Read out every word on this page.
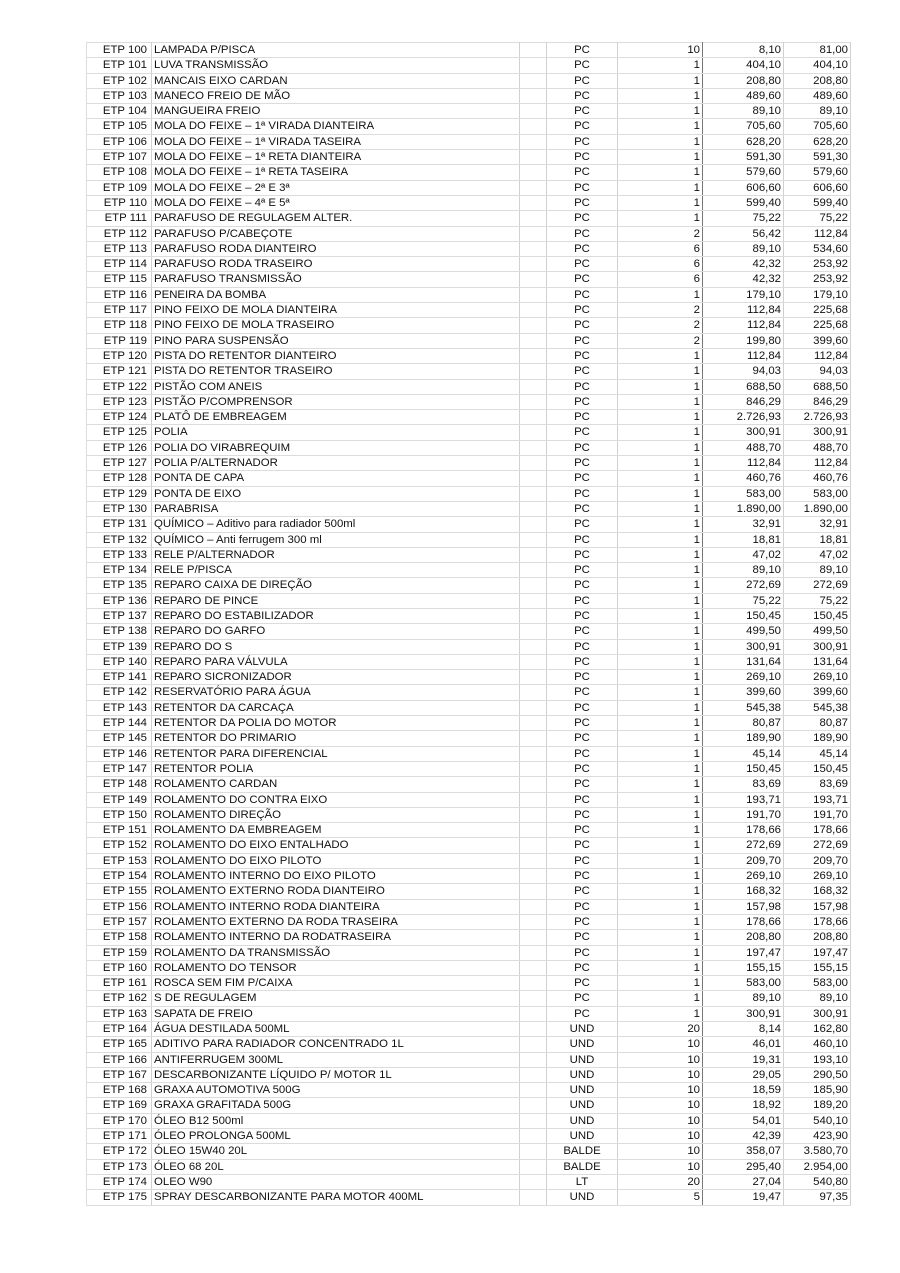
ETP 100	LAMPADA P/PISCA		PC	10	8,10	81,00
ETP 101	LUVA TRANSMISSÃO		PC	1	404,10	404,10
ETP 102	MANCAIS EIXO CARDAN		PC	1	208,80	208,80
ETP 103	MANECO FREIO DE MÃO		PC	1	489,60	489,60
ETP 104	MANGUEIRA FREIO		PC	1	89,10	89,10
ETP 105	MOLA DO FEIXE – 1ª VIRADA DIANTEIRA		PC	1	705,60	705,60
ETP 106	MOLA DO FEIXE – 1ª VIRADA TASEIRA		PC	1	628,20	628,20
ETP 107	MOLA DO FEIXE – 1ª RETA DIANTEIRA		PC	1	591,30	591,30
ETP 108	MOLA DO FEIXE – 1ª RETA TASEIRA		PC	1	579,60	579,60
ETP 109	MOLA DO FEIXE – 2ª E 3ª		PC	1	606,60	606,60
ETP 110	MOLA DO FEIXE – 4ª E 5ª		PC	1	599,40	599,40
ETP 111	PARAFUSO DE REGULAGEM ALTER.		PC	1	75,22	75,22
ETP 112	PARAFUSO P/CABEÇOTE		PC	2	56,42	112,84
ETP 113	PARAFUSO RODA DIANTEIRO		PC	6	89,10	534,60
ETP 114	PARAFUSO RODA TRASEIRO		PC	6	42,32	253,92
ETP 115	PARAFUSO TRANSMISSÃO		PC	6	42,32	253,92
ETP 116	PENEIRA DA BOMBA		PC	1	179,10	179,10
ETP 117	PINO FEIXO DE MOLA DIANTEIRA		PC	2	112,84	225,68
ETP 118	PINO FEIXO DE MOLA TRASEIRO		PC	2	112,84	225,68
ETP 119	PINO PARA SUSPENSÃO		PC	2	199,80	399,60
ETP 120	PISTA DO RETENTOR DIANTEIRO		PC	1	112,84	112,84
ETP 121	PISTA DO RETENTOR TRASEIRO		PC	1	94,03	94,03
ETP 122	PISTÃO COM ANEIS		PC	1	688,50	688,50
ETP 123	PISTÃO P/COMPRENSOR		PC	1	846,29	846,29
ETP 124	PLATÔ DE EMBREAGEM		PC	1	2.726,93	2.726,93
ETP 125	POLIA		PC	1	300,91	300,91
ETP 126	POLIA DO VIRABREQUIM		PC	1	488,70	488,70
ETP 127	POLIA P/ALTERNADOR		PC	1	112,84	112,84
ETP 128	PONTA DE CAPA		PC	1	460,76	460,76
ETP 129	PONTA DE EIXO		PC	1	583,00	583,00
ETP 130	PARABRISA		PC	1	1.890,00	1.890,00
ETP 131	QUÍMICO – Aditivo para radiador 500ml		PC	1	32,91	32,91
ETP 132	QUÍMICO – Anti ferrugem 300 ml		PC	1	18,81	18,81
ETP 133	RELE P/ALTERNADOR		PC	1	47,02	47,02
ETP 134	RELE P/PISCA		PC	1	89,10	89,10
ETP 135	REPARO CAIXA DE DIREÇÃO		PC	1	272,69	272,69
ETP 136	REPARO DE PINCE		PC	1	75,22	75,22
ETP 137	REPARO DO ESTABILIZADOR		PC	1	150,45	150,45
ETP 138	REPARO DO GARFO		PC	1	499,50	499,50
ETP 139	REPARO DO S		PC	1	300,91	300,91
ETP 140	REPARO PARA VÁLVULA		PC	1	131,64	131,64
ETP 141	REPARO SICRONIZADOR		PC	1	269,10	269,10
ETP 142	RESERVATÓRIO PARA ÁGUA		PC	1	399,60	399,60
ETP 143	RETENTOR DA CARCAÇA		PC	1	545,38	545,38
ETP 144	RETENTOR DA POLIA DO MOTOR		PC	1	80,87	80,87
ETP 145	RETENTOR DO PRIMARIO		PC	1	189,90	189,90
ETP 146	RETENTOR PARA DIFERENCIAL		PC	1	45,14	45,14
ETP 147	RETENTOR POLIA		PC	1	150,45	150,45
ETP 148	ROLAMENTO CARDAN		PC	1	83,69	83,69
ETP 149	ROLAMENTO DO CONTRA EIXO		PC	1	193,71	193,71
ETP 150	ROLAMENTO DIREÇÃO		PC	1	191,70	191,70
ETP 151	ROLAMENTO DA EMBREAGEM		PC	1	178,66	178,66
ETP 152	ROLAMENTO DO EIXO ENTALHADO		PC	1	272,69	272,69
ETP 153	ROLAMENTO DO EIXO PILOTO		PC	1	209,70	209,70
ETP 154	ROLAMENTO INTERNO DO EIXO PILOTO		PC	1	269,10	269,10
ETP 155	ROLAMENTO EXTERNO RODA DIANTEIRO		PC	1	168,32	168,32
ETP 156	ROLAMENTO INTERNO RODA DIANTEIRA		PC	1	157,98	157,98
ETP 157	ROLAMENTO EXTERNO DA RODA TRASEIRA		PC	1	178,66	178,66
ETP 158	ROLAMENTO INTERNO DA RODATRASEIRA		PC	1	208,80	208,80
ETP 159	ROLAMENTO DA TRANSMISSÃO		PC	1	197,47	197,47
ETP 160	ROLAMENTO DO TENSOR		PC	1	155,15	155,15
ETP 161	ROSCA SEM FIM P/CAIXA		PC	1	583,00	583,00
ETP 162	S DE REGULAGEM		PC	1	89,10	89,10
ETP 163	SAPATA DE FREIO		PC	1	300,91	300,91
ETP 164	ÁGUA DESTILADA 500ML		UND	20	8,14	162,80
ETP 165	ADITIVO PARA RADIADOR CONCENTRADO 1L		UND	10	46,01	460,10
ETP 166	ANTIFERRUGEM 300ML		UND	10	19,31	193,10
ETP 167	DESCARBONIZANTE LÍQUIDO P/ MOTOR 1L		UND	10	29,05	290,50
ETP 168	GRAXA AUTOMOTIVA 500G		UND	10	18,59	185,90
ETP 169	GRAXA GRAFITADA 500G		UND	10	18,92	189,20
ETP 170	ÓLEO B12 500ml		UND	10	54,01	540,10
ETP 171	ÓLEO PROLONGA 500ML		UND	10	42,39	423,90
ETP 172	ÓLEO 15W40 20L		BALDE	10	358,07	3.580,70
ETP 173	ÓLEO 68 20L		BALDE	10	295,40	2.954,00
ETP 174	OLEO W90		LT	20	27,04	540,80
ETP 175	SPRAY DESCARBONIZANTE PARA MOTOR 400ML		UND	5	19,47	97,35
